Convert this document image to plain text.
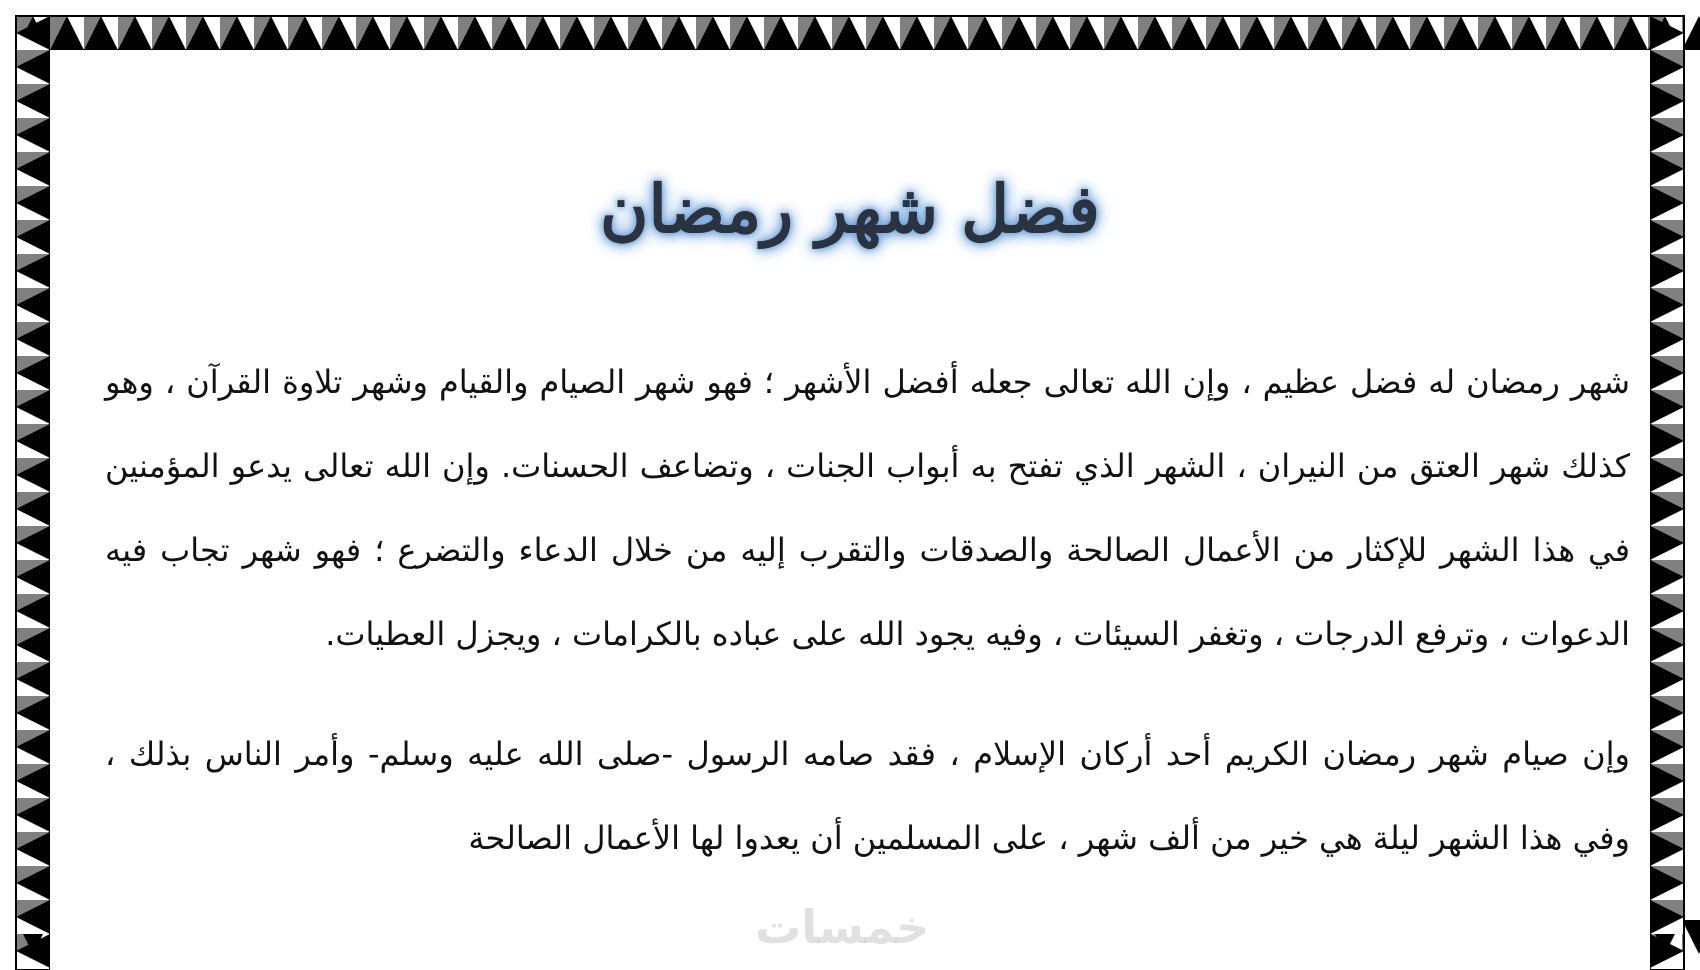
فضل شهر رمضان

شهر رمضان له فضل عظيم ، وإن الله تعالى جعله أفضل الأشهر ؛ فهو شهر الصيام والقيام وشهر تلاوة القرآن ، وهو كذلك شهر العتق من النيران ، الشهر الذي تفتح به أبواب الجنات ، وتضاعف الحسنات. وإن الله تعالى يدعو المؤمنين في هذا الشهر للإكثار من الأعمال الصالحة والصدقات والتقرب إليه من خلال الدعاء والتضرع ؛ فهو شهر تجاب فيه الدعوات ، وترفع الدرجات ، وتغفر السيئات ، وفيه يجود الله على عباده بالكرامات ، ويجزل العطيات.

وإن صيام شهر رمضان الكريم أحد أركان الإسلام ، فقد صامه الرسول -صلى الله عليه وسلم- وأمر الناس بذلك ، وفي هذا الشهر ليلة هي خير من ألف شهر ، على المسلمين أن يعدوا لها الأعمال الصالحة

خمسات
